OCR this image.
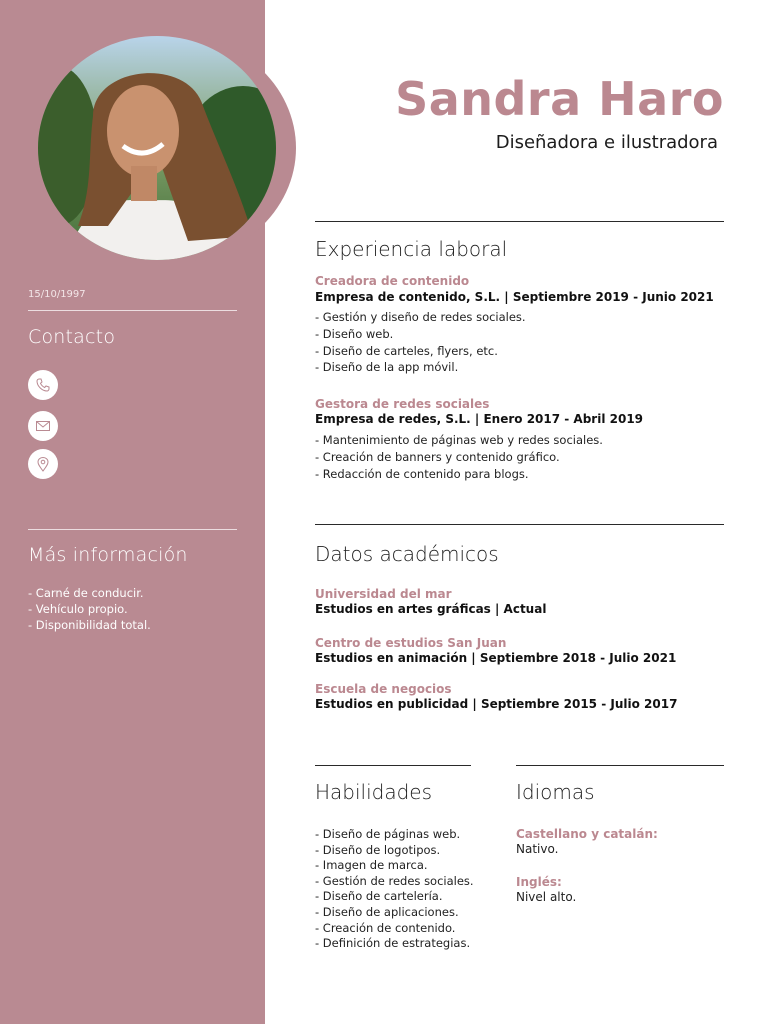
15/10/1997
Contacto
Más información
- Carné de conducir.
- Vehículo propio.
- Disponibilidad total.
Sandra Haro
Diseñadora e ilustradora
Experiencia laboral
Creadora de contenido
Empresa de contenido, S.L. | Septiembre 2019 - Junio 2021
- Gestión y diseño de redes sociales.
- Diseño web.
- Diseño de carteles, flyers, etc.
- Diseño de la app móvil.
Gestora de redes sociales
Empresa de redes, S.L. | Enero 2017 - Abril 2019
- Mantenimiento de páginas web y redes sociales.
- Creación de banners y contenido gráfico.
- Redacción de contenido para blogs.
Datos académicos
Universidad del mar
Estudios en artes gráficas | Actual
Centro de estudios San Juan
Estudios en animación | Septiembre 2018 - Julio 2021
Escuela de negocios
Estudios en publicidad | Septiembre 2015 - Julio 2017
Habilidades
- Diseño de páginas web.
- Diseño de logotipos.
- Imagen de marca.
- Gestión de redes sociales.
- Diseño de cartelería.
- Diseño de aplicaciones.
- Creación de contenido.
- Definición de estrategias.
Idiomas
Castellano y catalán:
Nativo.
Inglés:
Nivel alto.
